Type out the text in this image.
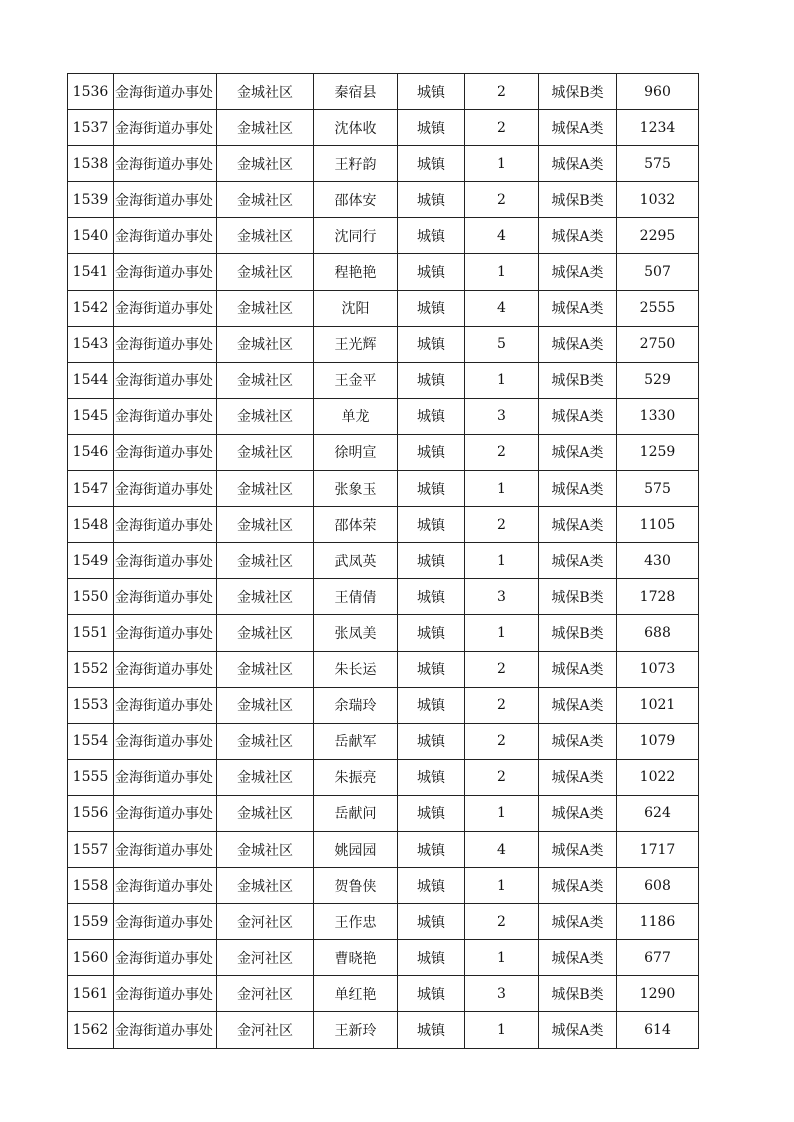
1536	金海街道办事处	金城社区	秦宿县	城镇	2	城保B类	960
1537	金海街道办事处	金城社区	沈体收	城镇	2	城保A类	1234
1538	金海街道办事处	金城社区	王籽韵	城镇	1	城保A类	575
1539	金海街道办事处	金城社区	邵体安	城镇	2	城保B类	1032
1540	金海街道办事处	金城社区	沈同行	城镇	4	城保A类	2295
1541	金海街道办事处	金城社区	程艳艳	城镇	1	城保A类	507
1542	金海街道办事处	金城社区	沈阳	城镇	4	城保A类	2555
1543	金海街道办事处	金城社区	王光辉	城镇	5	城保A类	2750
1544	金海街道办事处	金城社区	王金平	城镇	1	城保B类	529
1545	金海街道办事处	金城社区	单龙	城镇	3	城保A类	1330
1546	金海街道办事处	金城社区	徐明宣	城镇	2	城保A类	1259
1547	金海街道办事处	金城社区	张象玉	城镇	1	城保A类	575
1548	金海街道办事处	金城社区	邵体荣	城镇	2	城保A类	1105
1549	金海街道办事处	金城社区	武凤英	城镇	1	城保A类	430
1550	金海街道办事处	金城社区	王倩倩	城镇	3	城保B类	1728
1551	金海街道办事处	金城社区	张凤美	城镇	1	城保B类	688
1552	金海街道办事处	金城社区	朱长运	城镇	2	城保A类	1073
1553	金海街道办事处	金城社区	余瑞玲	城镇	2	城保A类	1021
1554	金海街道办事处	金城社区	岳献军	城镇	2	城保A类	1079
1555	金海街道办事处	金城社区	朱振亮	城镇	2	城保A类	1022
1556	金海街道办事处	金城社区	岳献问	城镇	1	城保A类	624
1557	金海街道办事处	金城社区	姚园园	城镇	4	城保A类	1717
1558	金海街道办事处	金城社区	贺鲁侠	城镇	1	城保A类	608
1559	金海街道办事处	金河社区	王作忠	城镇	2	城保A类	1186
1560	金海街道办事处	金河社区	曹晓艳	城镇	1	城保A类	677
1561	金海街道办事处	金河社区	单红艳	城镇	3	城保B类	1290
1562	金海街道办事处	金河社区	王新玲	城镇	1	城保A类	614
